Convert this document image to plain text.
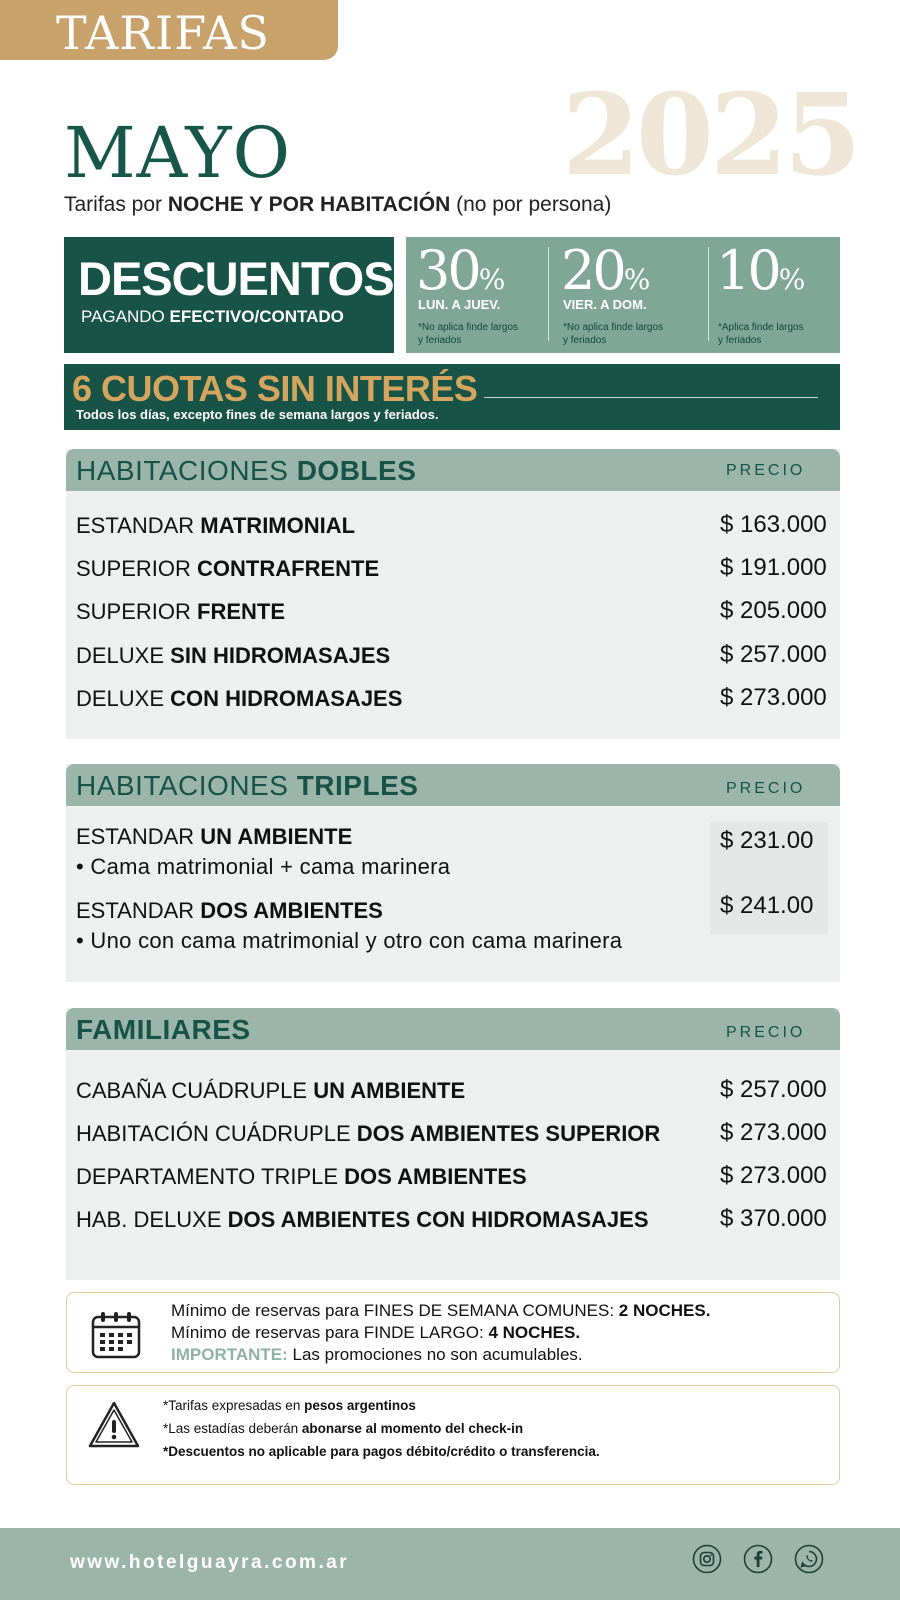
TARIFAS
2025
MAYO
Tarifas por NOCHE Y POR HABITACIÓN (no por persona)
DESCUENTOS
PAGANDO EFECTIVO/CONTADO
30%
LUN. A JUEV.
*No aplica finde largos
y feriados
20%
VIER. A DOM.
*No aplica finde largos
y feriados
10%
*Aplica finde largos
y feriados
6 CUOTAS SIN INTERÉS
Todos los días, excepto fines de semana largos y feriados.
HABITACIONES DOBLES	PRECIO
ESTANDAR MATRIMONIAL	$ 163.000
SUPERIOR CONTRAFRENTE	$ 191.000
SUPERIOR FRENTE	$ 205.000
DELUXE SIN HIDROMASAJES	$ 257.000
DELUXE CON HIDROMASAJES	$ 273.000
HABITACIONES TRIPLES	PRECIO
ESTANDAR UN AMBIENTE
• Cama matrimonial + cama marinera
$ 231.00
ESTANDAR DOS AMBIENTES
• Uno con cama matrimonial y otro con cama marinera
$ 241.00
FAMILIARES	PRECIO
CABAÑA CUÁDRUPLE UN AMBIENTE	$ 257.000
HABITACIÓN CUÁDRUPLE DOS AMBIENTES SUPERIOR $ 273.000
DEPARTAMENTO TRIPLE DOS AMBIENTES	$ 273.000
HAB. DELUXE DOS AMBIENTES CON HIDROMASAJES	$ 370.000
Mínimo de reservas para FINES DE SEMANA COMUNES: 2 NOCHES.
Mínimo de reservas para FINDE LARGO: 4 NOCHES.
IMPORTANTE: Las promociones no son acumulables.
*Tarifas expresadas en pesos argentinos
*Las estadías deberán abonarse al momento del check-in
*Descuentos no aplicable para pagos débito/crédito o transferencia.
www.hotelguayra.com.ar
